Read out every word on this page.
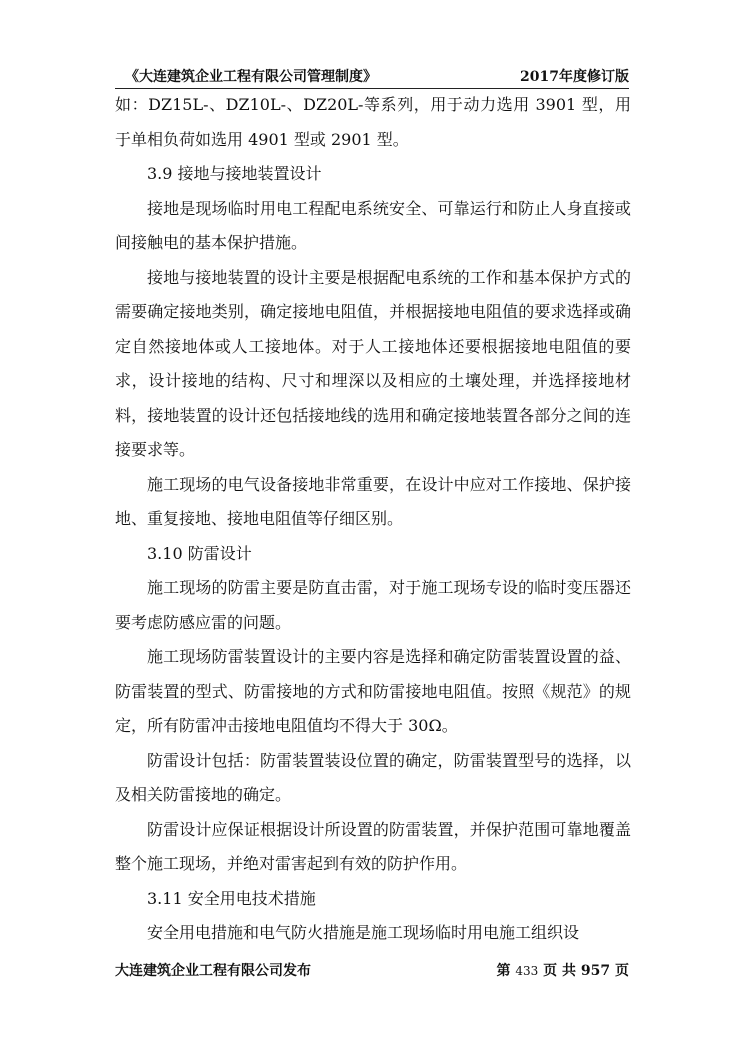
《大连建筑企业工程有限公司管理制度》	2017年度修订版

如：DZ15L-、DZ10L-、DZ20L-等系列，用于动力选用 3901 型，用于单相负荷如选用 4901 型或 2901 型。

3.9 接地与接地装置设计

接地是现场临时用电工程配电系统安全、可靠运行和防止人身直接或间接触电的基本保护措施。

接地与接地装置的设计主要是根据配电系统的工作和基本保护方式的需要确定接地类别，确定接地电阻值，并根据接地电阻值的要求选择或确定自然接地体或人工接地体。对于人工接地体还要根据接地电阻值的要求，设计接地的结构、尺寸和埋深以及相应的土壤处理，并选择接地材料，接地装置的设计还包括接地线的选用和确定接地装置各部分之间的连接要求等。

施工现场的电气设备接地非常重要，在设计中应对工作接地、保护接地、重复接地、接地电阻值等仔细区别。

3.10 防雷设计

施工现场的防雷主要是防直击雷，对于施工现场专设的临时变压器还要考虑防感应雷的问题。

施工现场防雷装置设计的主要内容是选择和确定防雷装置设置的益、防雷装置的型式、防雷接地的方式和防雷接地电阻值。按照《规范》的规定，所有防雷冲击接地电阻值均不得大于 30Ω。

防雷设计包括：防雷装置装设位置的确定，防雷装置型号的选择，以及相关防雷接地的确定。

防雷设计应保证根据设计所设置的防雷装置，并保护范围可靠地覆盖整个施工现场，并绝对雷害起到有效的防护作用。

3.11 安全用电技术措施

安全用电措施和电气防火措施是施工现场临时用电施工组织设

大连建筑企业工程有限公司发布	第 433 页 共 957 页
